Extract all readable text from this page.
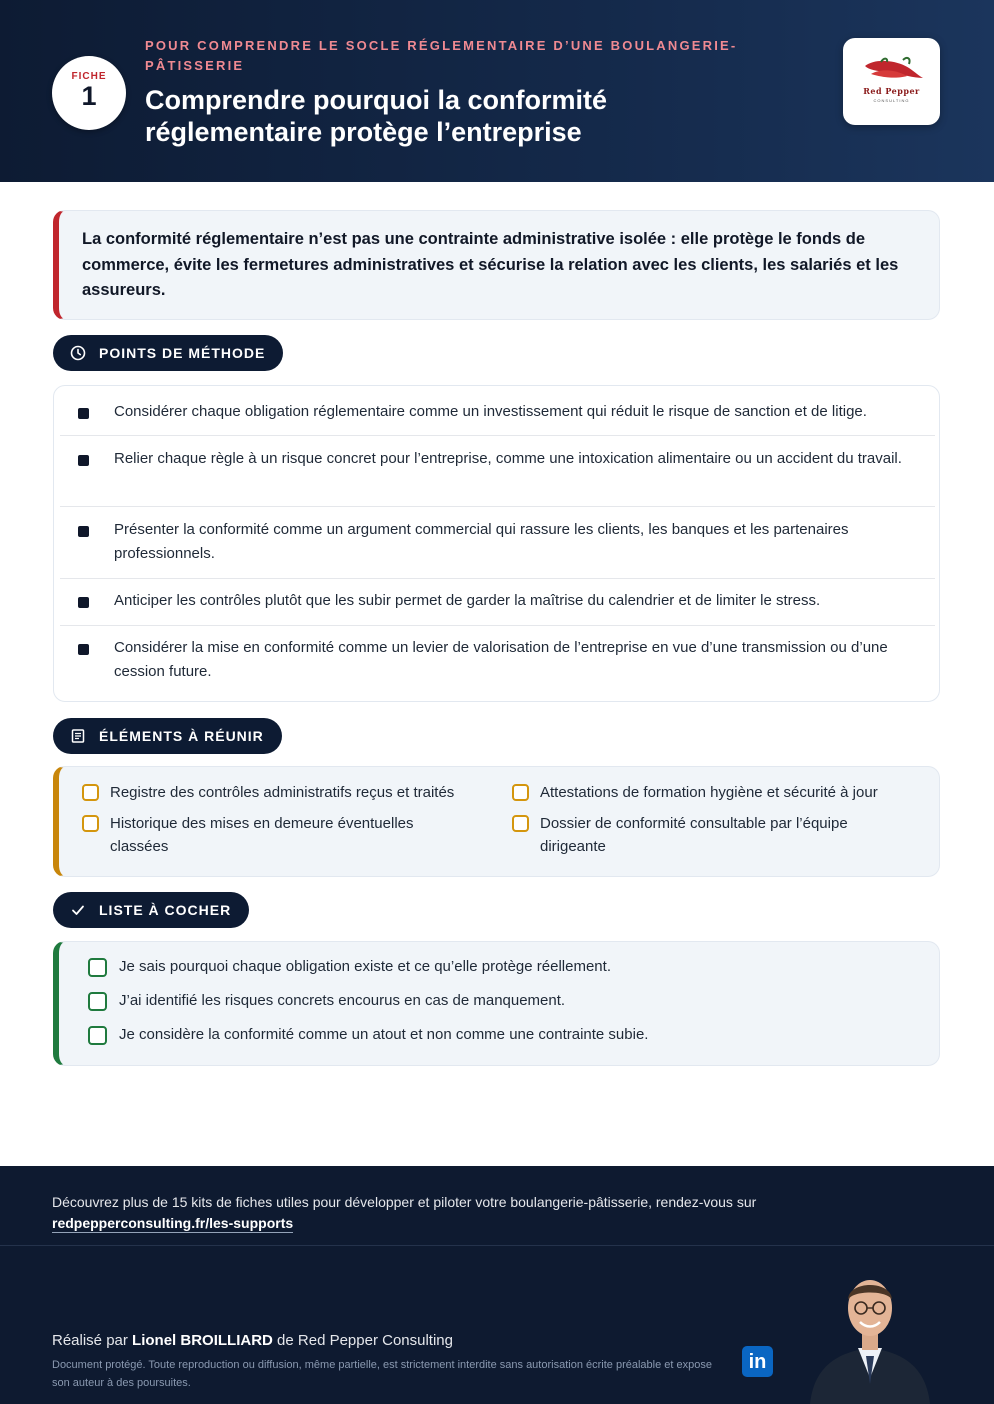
FICHE
1
POUR COMPRENDRE LE SOCLE RÉGLEMENTAIRE D’UNE BOULANGERIE-PÂTISSERIE
Comprendre pourquoi la conformité réglementaire protège l’entreprise
Red Pepper
CONSULTING

La conformité réglementaire n’est pas une contrainte administrative isolée : elle protège le fonds de commerce, évite les fermetures administratives et sécurise la relation avec les clients, les salariés et les assureurs.

POINTS DE MÉTHODE
Considérer chaque obligation réglementaire comme un investissement qui réduit le risque de sanction et de litige.
Relier chaque règle à un risque concret pour l’entreprise, comme une intoxication alimentaire ou un accident du travail.
Présenter la conformité comme un argument commercial qui rassure les clients, les banques et les partenaires professionnels.
Anticiper les contrôles plutôt que les subir permet de garder la maîtrise du calendrier et de limiter le stress.
Considérer la mise en conformité comme un levier de valorisation de l’entreprise en vue d’une transmission ou d’une cession future.
ÉLÉMENTS À RÉUNIR
Registre des contrôles administratifs reçus et traités	Attestations de formation hygiène et sécurité à jour
Historique des mises en demeure éventuelles classées
Dossier de conformité consultable par l’équipe dirigeante
LISTE À COCHER
Je sais pourquoi chaque obligation existe et ce qu’elle protège réellement.
J’ai identifié les risques concrets encourus en cas de manquement.
Je considère la conformité comme un atout et non comme une contrainte subie.
Découvrez plus de 15 kits de fiches utiles pour développer et piloter votre boulangerie-pâtisserie, rendez-vous sur
redpepperconsulting.fr/les-supports
Réalisé par Lionel BROILLIARD de Red Pepper Consulting
Document protégé. Toute reproduction ou diffusion, même partielle, est strictement interdite sans autorisation écrite préalable et expose son auteur à des poursuites.
in
